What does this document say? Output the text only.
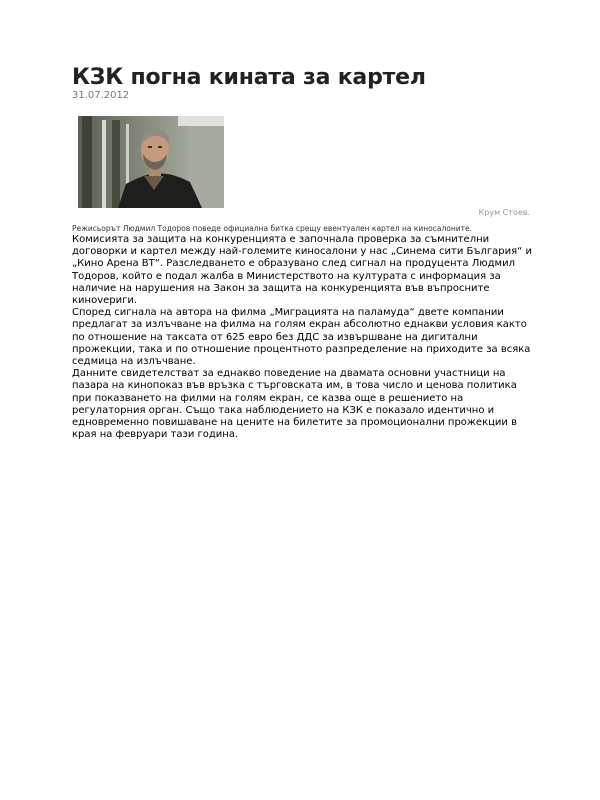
КЗК погна кината за картел
31.07.2012
Крум Стоев.
Режисьорът Людмил Тодоров поведе официална битка срещу евентуален картел на киносалоните.

Комисията за защита на конкуренцията е започнала проверка за съмнителни договорки и картел между най-големите киносалони у нас „Синема сити България“ и „Кино Арена ВТ“. Разследването е образувано след сигнал на продуцента Людмил Тодоров, който е подал жалба в Министерството на културата с информация за наличие на нарушения на Закон за защита на конкуренцията във въпросните кинovериги.

Според сигнала на автора на филма „Миграцията на паламуда“ двете компании предлагат за излъчване на филма на голям екран абсолютно еднакви условия както по отношение на таксата от 625 евро без ДДС за извършване на дигитални прожекции, така и по отношение процентното разпределение на приходите за всяка седмица на излъчване.

Данните свидетелстват за еднакво поведение на двамата основни участници на пазара на кинопоказ във връзка с търговската им, в това число и ценова политика при показването на филми на голям екран, се казва още в решението на регулаторния орган. Също така наблюдението на КЗК е показало идентично и едновременно повишаване на цените на билетите за промоционални прожекции в края на февруари тази година.
